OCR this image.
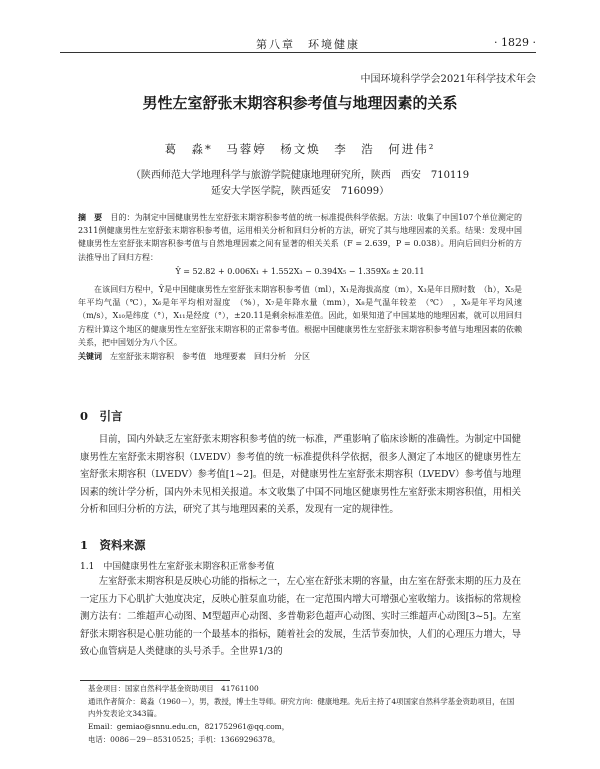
第八章　环境健康	· 1829 ·
中国环境科学学会2021年科学技术年会
男性左室舒张末期容积参考值与地理因素的关系
葛　淼*　马蓉婷　杨文焕　李　浩　何进伟²
（陕西师范大学地理科学与旅游学院健康地理研究所，陕西　西安　710119
延安大学医学院，陕西延安　716099）
摘　要　 目的：为制定中国健康男性左室舒张末期容积参考值的统一标准提供科学依据。方法：收集了中国107个单位测定的2311例健康男性左室舒张末期容积参考值，运用相关分析和回归分析的方法，研究了其与地理因素的关系。结果：发现中国健康男性左室舒张末期容积参考值与自然地理因素之间有显著的相关关系（F = 2.639，P = 0.038）。用向后回归分析的方法推导出了回归方程：
Ŷ = 52.82 + 0.006X₁ + 1.552X₃ − 0.394X₅ − 1.359X₆ ± 20.11
在该回归方程中，Ŷ是中国健康男性左室舒张末期容积参考值（ml），X₁是海拔高度（m），X₃是年日照时数　（h），X₅是年平均气温（℃），X₆是年平均相对湿度　（%），X₇是年降水量（mm），X₈是气温年较差　（℃）　，X₉是年平均风速（m/s），X₁₀是纬度（°），X₁₁是经度（°），±20.11是剩余标准差值。因此，如果知道了中国某地的地理因素，就可以用回归方程计算这个地区的健康男性左室舒张末期容积的正常参考值。根据中国健康男性左室舒张末期容积参考值与地理因素的依赖关系，把中国划分为八个区。
关键词　 左室舒张末期容积　参考值　地理要素　回归分析　分区
0　引言
目前，国内外缺乏左室舒张末期容积参考值的统一标准，严重影响了临床诊断的准确性。为制定中国健康男性左室舒张末期容积（LVEDV）参考值的统一标准提供科学依据，很多人测定了本地区的健康男性左室舒张末期容积（LVEDV）参考值[1~2]。但是，对健康男性左室舒张末期容积（LVEDV）参考值与地理因素的统计学分析，国内外未见相关报道。本文收集了中国不同地区健康男性左室舒张末期容积值，用相关分析和回归分析的方法，研究了其与地理因素的关系，发现有一定的规律性。
1　资料来源
1.1　中国健康男性左室舒张末期容积正常参考值
左室舒张末期容积是反映心功能的指标之一，左心室在舒张末期的容量，由左室在舒张末期的压力及在一定压力下心肌扩大弛度决定，反映心脏泵血功能，在一定范围内增大可增强心室收缩力。该指标的常规检测方法有：二维超声心动图、M型超声心动图、多普勒彩色超声心动图、实时三维超声心动图[3~5]。左室舒张末期容积是心脏功能的一个最基本的指标，随着社会的发展，生活节奏加快，人们的心理压力增大，导致心血管病是人类健康的头号杀手。全世界1/3的
基金项目：国家自然科学基金资助项目　41761100
通讯作者简介：葛淼（1960－），男，教授，博士生导师。研究方向：健康地理。先后主持了4项国家自然科学基金资助项目，在国内外发表论文343篇。
Email：gemiao@snnu.edu.cn，821752961@qq.com，
电话：0086－29－85310525；手机：13669296378。
